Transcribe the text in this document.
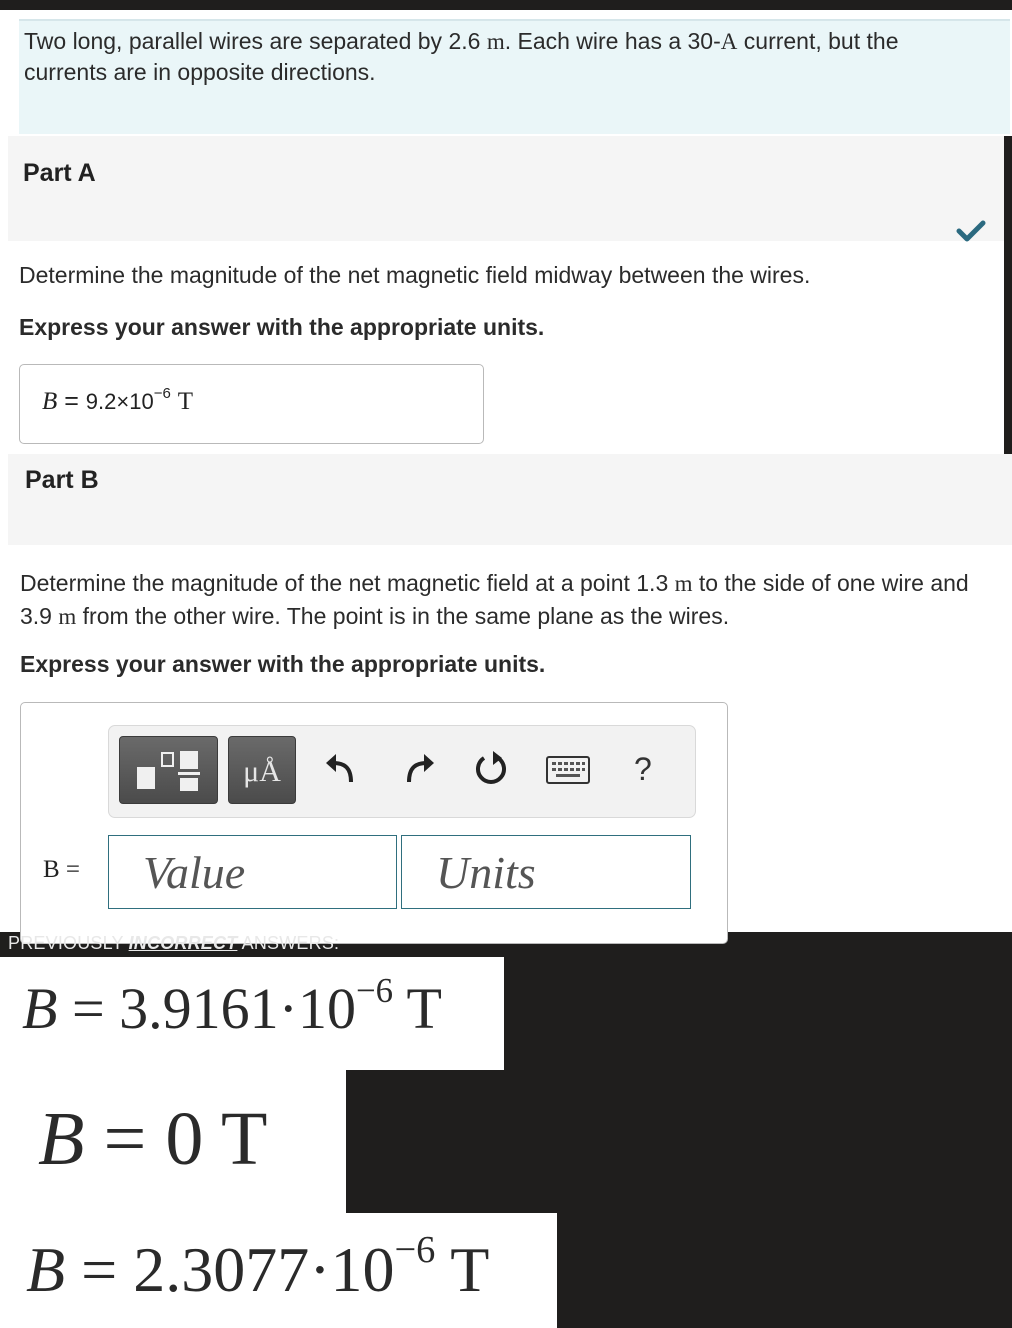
Two long, parallel wires are separated by 2.6 m. Each wire has a 30-A current, but the currents are in opposite directions.
Part A
Determine the magnitude of the net magnetic field midway between the wires.
Express your answer with the appropriate units.
$B = 9.2\times 10^{-6}$ T
Part B
Determine the magnitude of the net magnetic field at a point 1.3 m to the side of one wire and 3.9 m from the other wire. The point is in the same plane as the wires.
Express your answer with the appropriate units.
μÅ	?
B = Value	Units
PREVIOUSLY INCORRECT ANSWERS:
$B = 3.9161\cdot 10^{-6}$ T
B = 0 T
$B = 2.3077\cdot 10^{-6}$ T
